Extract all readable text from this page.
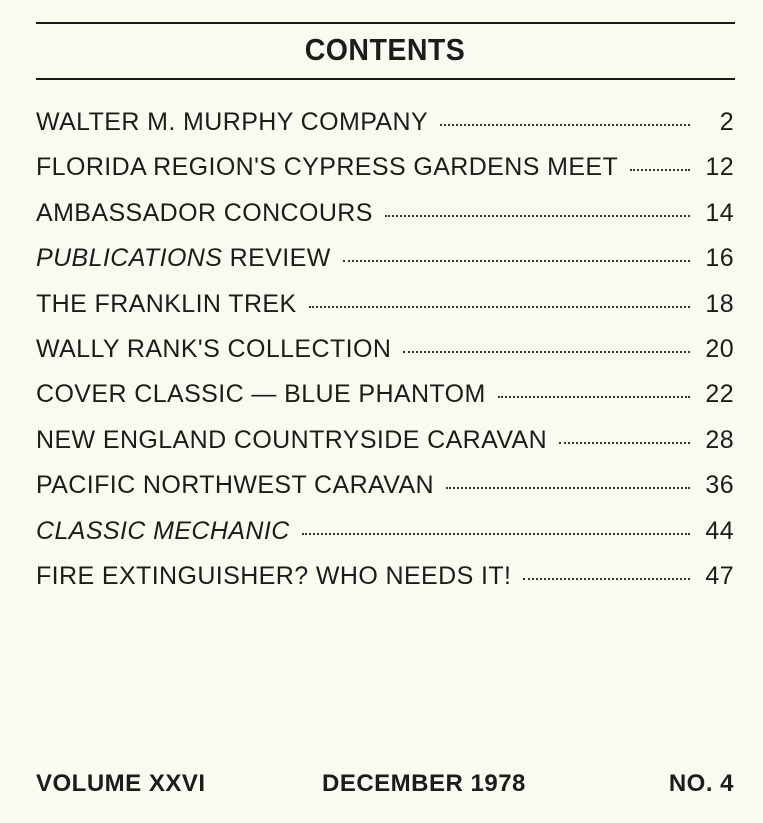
CONTENTS
WALTER M. MURPHY COMPANY	2
FLORIDA REGION'S CYPRESS GARDENS MEET	12
AMBASSADOR CONCOURS	14
PUBLICATIONS REVIEW	16
THE FRANKLIN TREK	18
WALLY RANK'S COLLECTION	20
COVER CLASSIC — BLUE PHANTOM	22
NEW ENGLAND COUNTRYSIDE CARAVAN	28
PACIFIC NORTHWEST CARAVAN	36
CLASSIC MECHANIC	44
FIRE EXTINGUISHER? WHO NEEDS IT!	47
VOLUME XXVI	DECEMBER 1978	NO. 4
